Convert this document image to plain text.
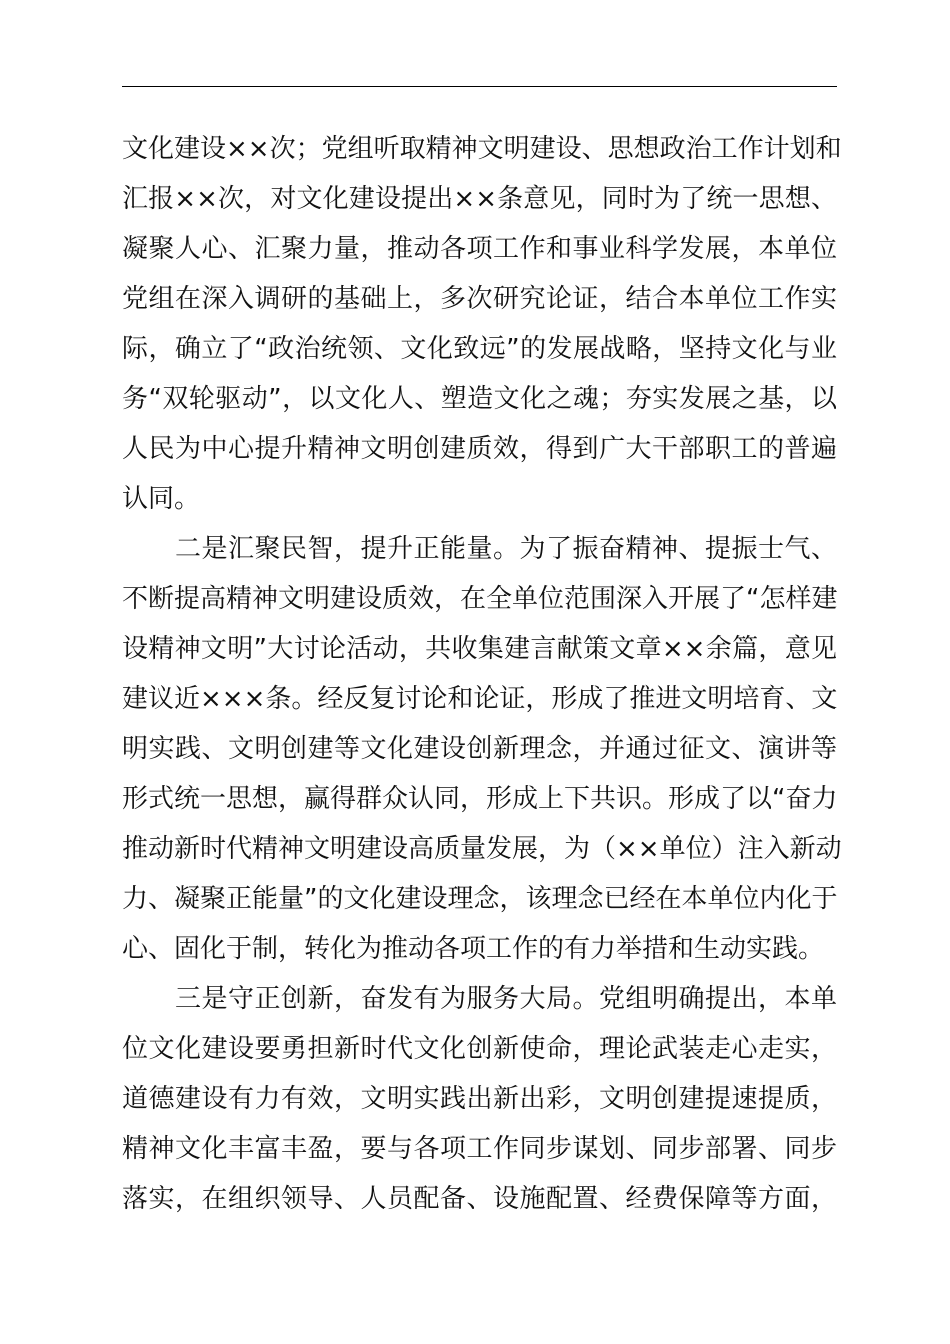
文化建设××次；党组听取精神文明建设、思想政治工作计划和
汇报××次，对文化建设提出××条意见，同时为了统一思想、
凝聚人心、汇聚力量，推动各项工作和事业科学发展，本单位
党组在深入调研的基础上，多次研究论证，结合本单位工作实
际，确立了“政治统领、文化致远”的发展战略，坚持文化与业
务“双轮驱动”，以文化人、塑造文化之魂；夯实发展之基，以
人民为中心提升精神文明创建质效，得到广大干部职工的普遍
认同。
　　二是汇聚民智，提升正能量。为了振奋精神、提振士气、
不断提高精神文明建设质效，在全单位范围深入开展了“怎样建
设精神文明”大讨论活动，共收集建言献策文章××余篇，意见
建议近×××条。经反复讨论和论证，形成了推进文明培育、文
明实践、文明创建等文化建设创新理念，并通过征文、演讲等
形式统一思想，赢得群众认同，形成上下共识。形成了以“奋力
推动新时代精神文明建设高质量发展，为（××单位）注入新动
力、凝聚正能量”的文化建设理念，该理念已经在本单位内化于
心、固化于制，转化为推动各项工作的有力举措和生动实践。
　　三是守正创新，奋发有为服务大局。党组明确提出，本单
位文化建设要勇担新时代文化创新使命，理论武装走心走实，
道德建设有力有效，文明实践出新出彩，文明创建提速提质，
精神文化丰富丰盈，要与各项工作同步谋划、同步部署、同步
落实，在组织领导、人员配备、设施配置、经费保障等方面，
